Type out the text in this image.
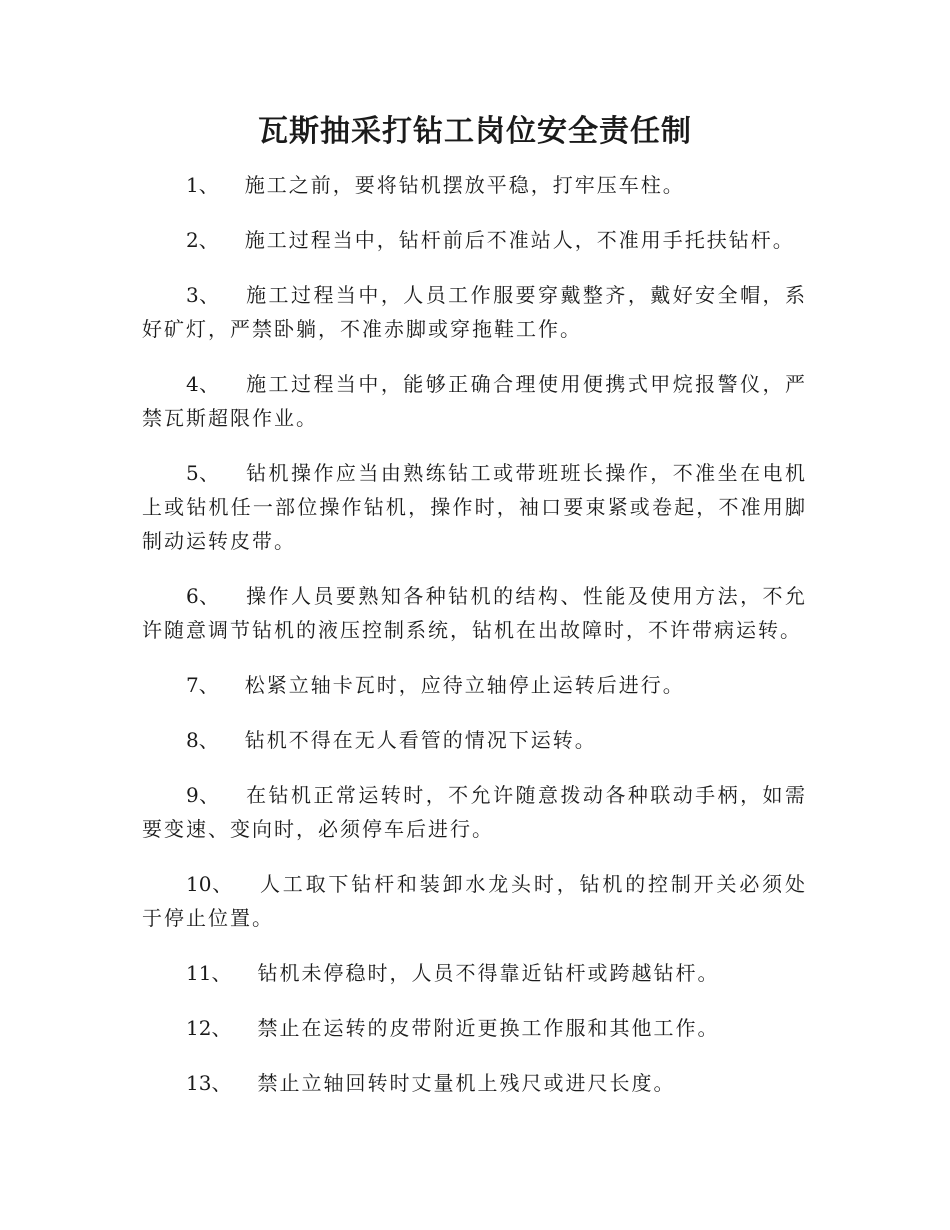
瓦斯抽采打钻工岗位安全责任制
1、 施工之前，要将钻机摆放平稳，打牢压车柱。
2、 施工过程当中，钻杆前后不准站人，不准用手托扶钻杆。
3、 施工过程当中，人员工作服要穿戴整齐，戴好安全帽，系好矿灯，严禁卧躺，不准赤脚或穿拖鞋工作。
4、 施工过程当中，能够正确合理使用便携式甲烷报警仪，严禁瓦斯超限作业。
5、 钻机操作应当由熟练钻工或带班班长操作，不准坐在电机上或钻机任一部位操作钻机，操作时，袖口要束紧或卷起，不准用脚制动运转皮带。
6、 操作人员要熟知各种钻机的结构、性能及使用方法，不允许随意调节钻机的液压控制系统，钻机在出故障时，不许带病运转。
7、 松紧立轴卡瓦时，应待立轴停止运转后进行。
8、 钻机不得在无人看管的情况下运转。
9、 在钻机正常运转时，不允许随意拨动各种联动手柄，如需要变速、变向时，必须停车后进行。
10、 人工取下钻杆和装卸水龙头时，钻机的控制开关必须处于停止位置。
11、 钻机未停稳时，人员不得靠近钻杆或跨越钻杆。
12、 禁止在运转的皮带附近更换工作服和其他工作。
13、 禁止立轴回转时丈量机上残尺或进尺长度。
